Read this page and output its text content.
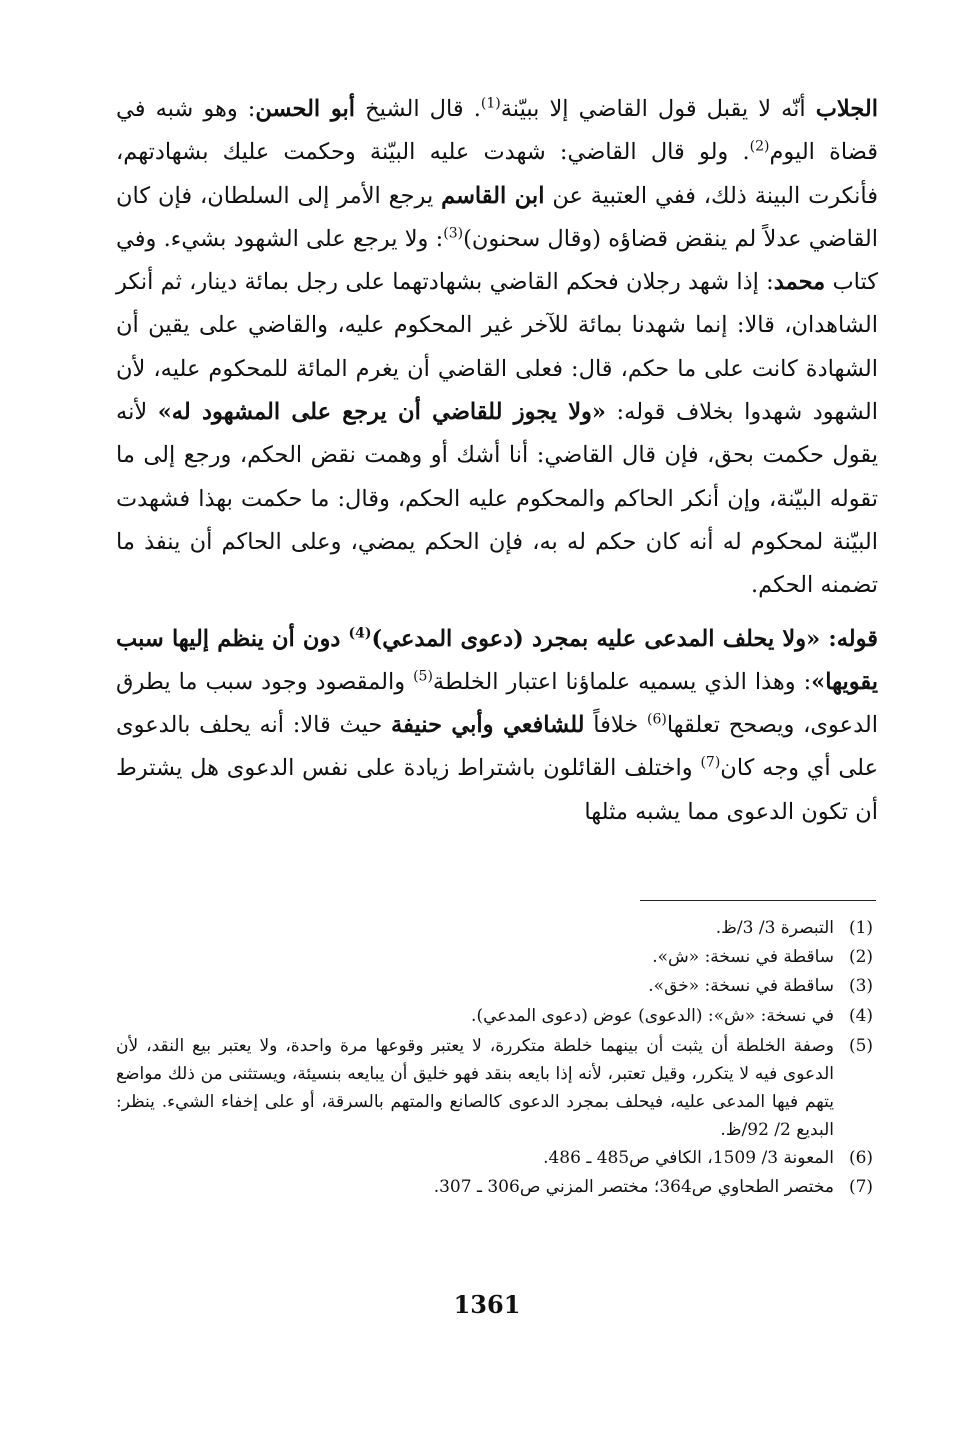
الجلاب أنّه لا يقبل قول القاضي إلا ببيّنة$^{(1)}$. قال الشيخ أبو الحسن: وهو شبه في قضاة اليوم$^{(2)}$. ولو قال القاضي: شهدت عليه البيّنة وحكمت عليك بشهادتهم، فأنكرت البينة ذلك، ففي العتبية عن ابن القاسم يرجع الأمر إلى السلطان، فإن كان القاضي عدلاً لم ينقض قضاؤه (وقال سحنون)$^{(3)}$: ولا يرجع على الشهود بشيء. وفي كتاب محمد: إذا شهد رجلان فحكم القاضي بشهادتهما على رجل بمائة دينار، ثم أنكر الشاهدان، قالا: إنما شهدنا بمائة للآخر غير المحكوم عليه، والقاضي على يقين أن الشهادة كانت على ما حكم، قال: فعلى القاضي أن يغرم المائة للمحكوم عليه، لأن الشهود شهدوا بخلاف قوله: «ولا يجوز للقاضي أن يرجع على المشهود له» لأنه يقول حكمت بحق، فإن قال القاضي: أنا أشك أو وهمت نقض الحكم، ورجع إلى ما تقوله البيّنة، وإن أنكر الحاكم والمحكوم عليه الحكم، وقال: ما حكمت بهذا فشهدت البيّنة لمحكوم له أنه كان حكم له به، فإن الحكم يمضي، وعلى الحاكم أن ينفذ ما تضمنه الحكم.

قوله: «ولا يحلف المدعى عليه بمجرد (دعوى المدعي)$^{(4)}$ دون أن ينظم إليها سبب يقويها»: وهذا الذي يسميه علماؤنا اعتبار الخلطة$^{(5)}$ والمقصود وجود سبب ما يطرق الدعوى، ويصحح تعلقها$^{(6)}$ خلافاً للشافعي وأبي حنيفة حيث قالا: أنه يحلف بالدعوى على أي وجه كان$^{(7)}$ واختلف القائلون باشتراط زيادة على نفس الدعوى هل يشترط أن تكون الدعوى مما يشبه مثلها

(1)
التبصرة 3/ 3/ظ.
(2)
ساقطة في نسخة: «ش».
(3)
ساقطة في نسخة: «خق».
(4)
في نسخة: «ش»: (الدعوى) عوض (دعوى المدعي).
(5)
وصفة الخلطة أن يثبت أن بينهما خلطة متكررة، لا يعتبر وقوعها مرة واحدة، ولا يعتبر بيع النقد، لأن الدعوى فيه لا يتكرر، وقيل تعتبر، لأنه إذا بايعه بنقد فهو خليق أن يبايعه بنسيئة، ويستثنى من ذلك مواضع يتهم فيها المدعى عليه، فيحلف بمجرد الدعوى كالصانع والمتهم بالسرقة، أو على إخفاء الشيء. ينظر: البديع 2/ 92/ظ.
(6)
المعونة 3/ 1509، الكافي ص485 ـ 486.
(7)
مختصر الطحاوي ص364؛ مختصر المزني ص306 ـ 307.
1361
